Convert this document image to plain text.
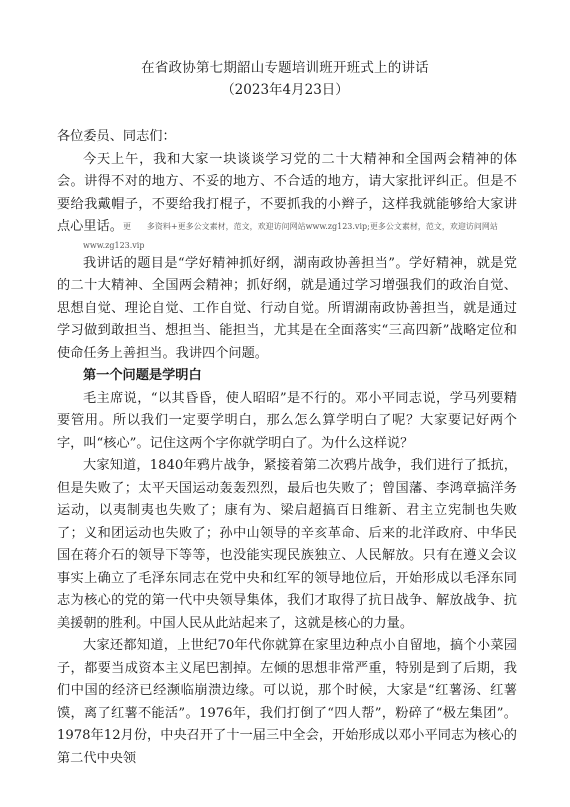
在省政协第七期韶山专题培训班开班式上的讲话
（2023年4月23日）

各位委员、同志们：

今天上午，我和大家一块谈谈学习党的二十大精神和全国两会精神的体会。讲得不对的地方、不妥的地方、不合适的地方，请大家批评纠正。但是不要给我戴帽子，不要给我打棍子，不要抓我的小辫子，这样我就能够给大家讲点心里话。更　　多资料+更多公文素材，范文，欢迎访问网站www.zg123.vip;更多公文素材，范文，欢迎访问网站

www.zg123.vip

我讲话的题目是“学好精神抓好纲，湖南政协善担当”。学好精神，就是党的二十大精神、全国两会精神；抓好纲，就是通过学习增强我们的政治自觉、思想自觉、理论自觉、工作自觉、行动自觉。所谓湖南政协善担当，就是通过学习做到敢担当、想担当、能担当，尤其是在全面落实“三高四新”战略定位和使命任务上善担当。我讲四个问题。

第一个问题是学明白

毛主席说，“以其昏昏，使人昭昭”是不行的。邓小平同志说，学马列要精要管用。所以我们一定要学明白，那么怎么算学明白了呢？大家要记好两个字，叫“核心”。记住这两个字你就学明白了。为什么这样说？

大家知道，1840年鸦片战争，紧接着第二次鸦片战争，我们进行了抵抗，但是失败了；太平天国运动轰轰烈烈，最后也失败了；曾国藩、李鸿章搞洋务运动，以夷制夷也失败了；康有为、梁启超搞百日维新、君主立宪制也失败了；义和团运动也失败了；孙中山领导的辛亥革命、后来的北洋政府、中华民国在蒋介石的领导下等等，也没能实现民族独立、人民解放。只有在遵义会议事实上确立了毛泽东同志在党中央和红军的领导地位后，开始形成以毛泽东同志为核心的党的第一代中央领导集体，我们才取得了抗日战争、解放战争、抗美援朝的胜利。中国人民从此站起来了，这就是核心的力量。

大家还都知道，上世纪70年代你就算在家里边种点小自留地，搞个小菜园子，都要当成资本主义尾巴割掉。左倾的思想非常严重，特别是到了后期，我们中国的经济已经濒临崩溃边缘。可以说，那个时候，大家是“红薯汤、红薯馍，离了红薯不能活”。1976年，我们打倒了“四人帮”，粉碎了“极左集团”。1978年12月份，中央召开了十一届三中全会，开始形成以邓小平同志为核心的第二代中央领
